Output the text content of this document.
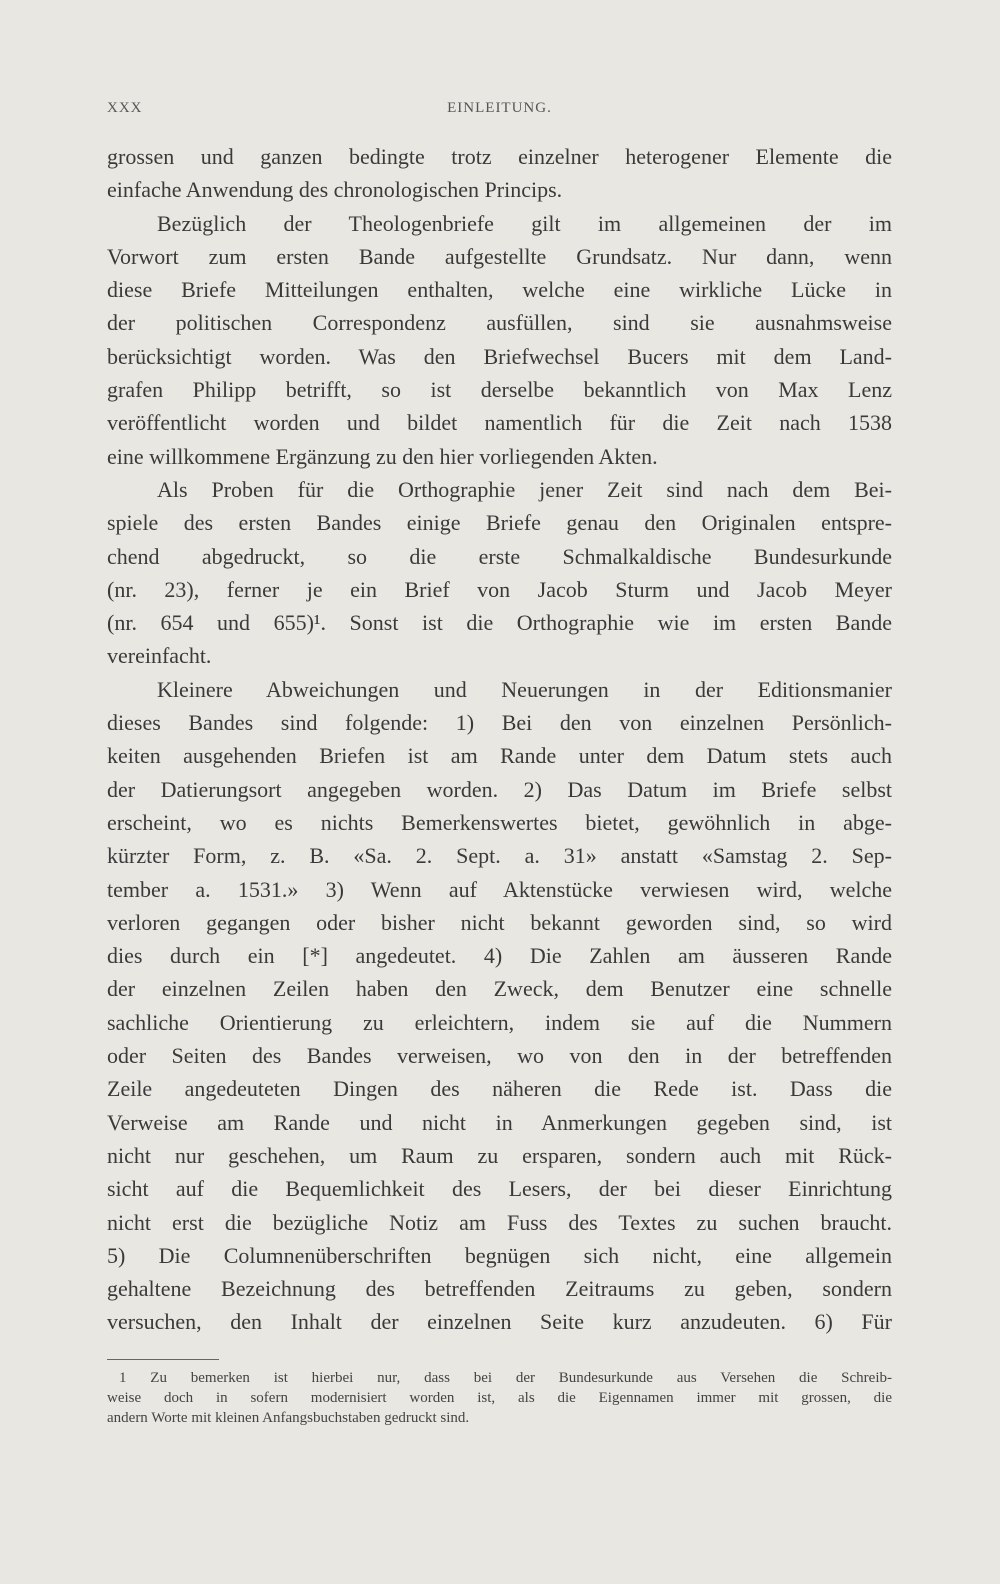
XXX	EINLEITUNG.
grossen und ganzen bedingte trotz einzelner heterogener Elemente die
einfache Anwendung des chronologischen Princips.
Bezüglich der Theologenbriefe gilt im allgemeinen der im
Vorwort zum ersten Bande aufgestellte Grundsatz. Nur dann, wenn
diese Briefe Mitteilungen enthalten, welche eine wirkliche Lücke in
der politischen Correspondenz ausfüllen, sind sie ausnahmsweise
berücksichtigt worden. Was den Briefwechsel Bucers mit dem Land-
grafen Philipp betrifft, so ist derselbe bekanntlich von Max Lenz
veröffentlicht worden und bildet namentlich für die Zeit nach 1538
eine willkommene Ergänzung zu den hier vorliegenden Akten.
Als Proben für die Orthographie jener Zeit sind nach dem Bei-
spiele des ersten Bandes einige Briefe genau den Originalen entspre-
chend abgedruckt, so die erste Schmalkaldische Bundesurkunde
(nr. 23), ferner je ein Brief von Jacob Sturm und Jacob Meyer
(nr. 654 und 655)¹. Sonst ist die Orthographie wie im ersten Bande
vereinfacht.
Kleinere Abweichungen und Neuerungen in der Editionsmanier
dieses Bandes sind folgende: 1) Bei den von einzelnen Persönlich-
keiten ausgehenden Briefen ist am Rande unter dem Datum stets auch
der Datierungsort angegeben worden. 2) Das Datum im Briefe selbst
erscheint, wo es nichts Bemerkenswertes bietet, gewöhnlich in abge-
kürzter Form, z. B. «Sa. 2. Sept. a. 31» anstatt «Samstag 2. Sep-
tember a. 1531.» 3) Wenn auf Aktenstücke verwiesen wird, welche
verloren gegangen oder bisher nicht bekannt geworden sind, so wird
dies durch ein [*] angedeutet. 4) Die Zahlen am äusseren Rande
der einzelnen Zeilen haben den Zweck, dem Benutzer eine schnelle
sachliche Orientierung zu erleichtern, indem sie auf die Nummern
oder Seiten des Bandes verweisen, wo von den in der betreffenden
Zeile angedeuteten Dingen des näheren die Rede ist. Dass die
Verweise am Rande und nicht in Anmerkungen gegeben sind, ist
nicht nur geschehen, um Raum zu ersparen, sondern auch mit Rück-
sicht auf die Bequemlichkeit des Lesers, der bei dieser Einrichtung
nicht erst die bezügliche Notiz am Fuss des Textes zu suchen braucht.
5) Die Columnenüberschriften begnügen sich nicht, eine allgemein
gehaltene Bezeichnung des betreffenden Zeitraums zu geben, sondern
versuchen, den Inhalt der einzelnen Seite kurz anzudeuten. 6) Für
1 Zu bemerken ist hierbei nur, dass bei der Bundesurkunde aus Versehen die Schreib-
weise doch in sofern modernisiert worden ist, als die Eigennamen immer mit grossen, die
andern Worte mit kleinen Anfangsbuchstaben gedruckt sind.
